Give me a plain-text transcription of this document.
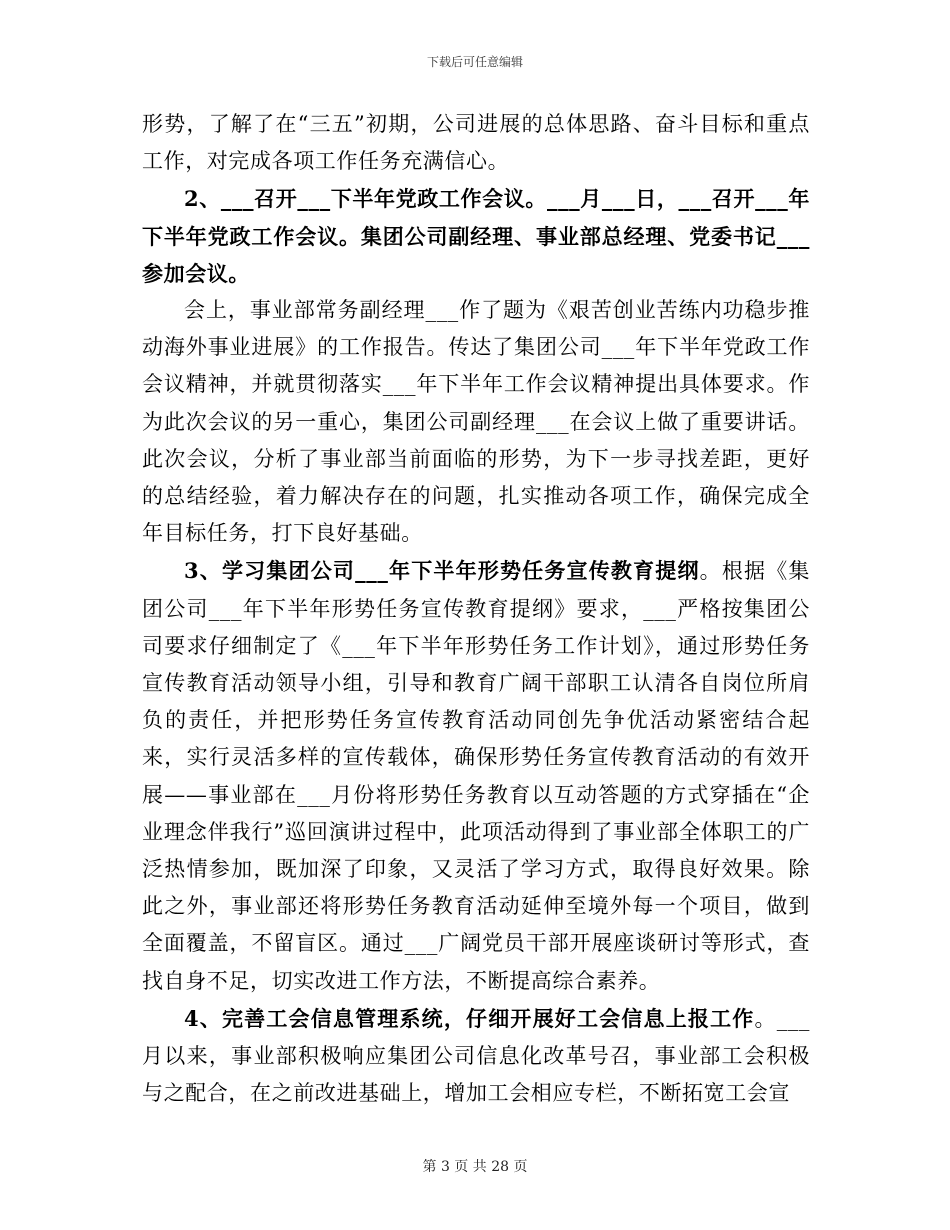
下载后可任意编辑

形势，了解了在“三五”初期，公司进展的总体思路、奋斗目标和重点工作，对完成各项工作任务充满信心。

2、___召开___下半年党政工作会议。___月___日，___召开___年下半年党政工作会议。集团公司副经理、事业部总经理、党委书记___参加会议。

会上，事业部常务副经理___作了题为《艰苦创业苦练内功稳步推动海外事业进展》的工作报告。传达了集团公司___年下半年党政工作会议精神，并就贯彻落实___年下半年工作会议精神提出具体要求。作为此次会议的另一重心，集团公司副经理___在会议上做了重要讲话。此次会议，分析了事业部当前面临的形势，为下一步寻找差距，更好的总结经验，着力解决存在的问题，扎实推动各项工作，确保完成全年目标任务，打下良好基础。

3、学习集团公司___年下半年形势任务宣传教育提纲。根据《集团公司___年下半年形势任务宣传教育提纲》要求，___严格按集团公司要求仔细制定了《___年下半年形势任务工作计划》，通过形势任务宣传教育活动领导小组，引导和教育广阔干部职工认清各自岗位所肩负的责任，并把形势任务宣传教育活动同创先争优活动紧密结合起来，实行灵活多样的宣传载体，确保形势任务宣传教育活动的有效开展——事业部在___月份将形势任务教育以互动答题的方式穿插在“企业理念伴我行”巡回演讲过程中，此项活动得到了事业部全体职工的广泛热情参加，既加深了印象，又灵活了学习方式，取得良好效果。除此之外，事业部还将形势任务教育活动延伸至境外每一个项目，做到全面覆盖，不留盲区。通过___广阔党员干部开展座谈研讨等形式，查找自身不足，切实改进工作方法，不断提高综合素养。

4、完善工会信息管理系统，仔细开展好工会信息上报工作。___月以来，事业部积极响应集团公司信息化改革号召，事业部工会积极与之配合，在之前改进基础上，增加工会相应专栏，不断拓宽工会宣

第 3 页 共 28 页
